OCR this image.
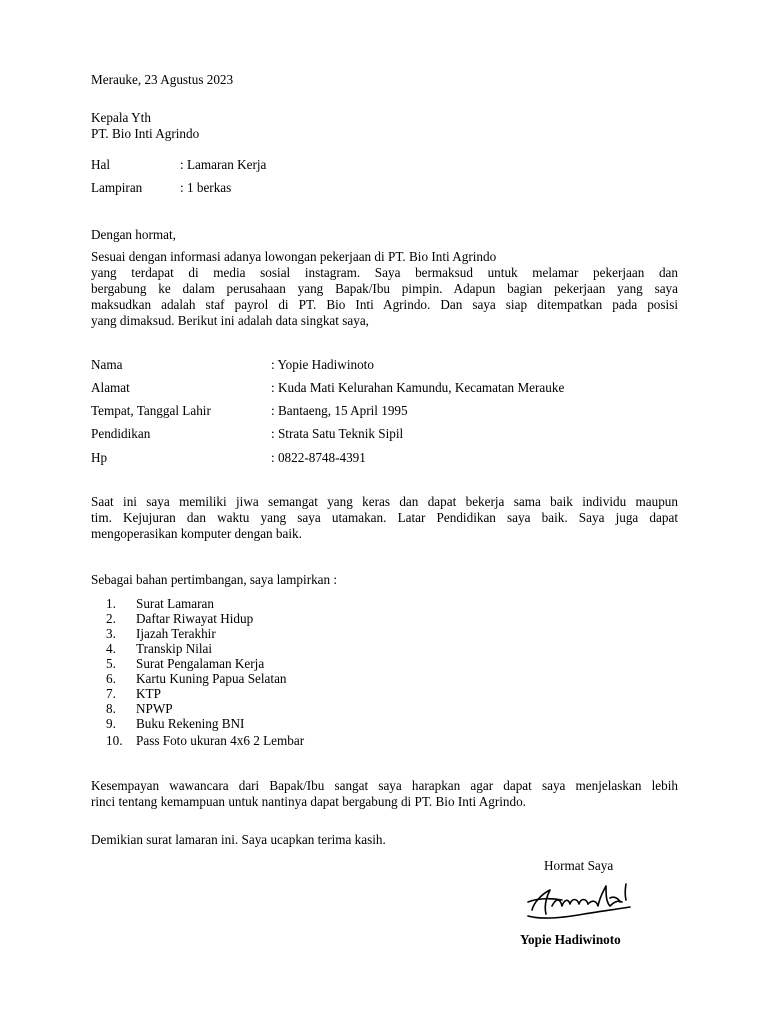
Merauke, 23 Agustus 2023
Kepala Yth
PT. Bio Inti Agrindo
Hal	: Lamaran Kerja
Lampiran	: 1 berkas
Dengan hormat,
Sesuai dengan informasi adanya lowongan pekerjaan di PT. Bio Inti Agrindo
yang terdapat di media sosial instagram. Saya bermaksud untuk melamar pekerjaan dan
bergabung ke dalam perusahaan yang Bapak/Ibu pimpin. Adapun bagian pekerjaan yang saya
maksudkan adalah staf payrol di PT. Bio Inti Agrindo. Dan saya siap ditempatkan pada posisi
yang dimaksud. Berikut ini adalah data singkat saya,
Nama	: Yopie Hadiwinoto
Alamat	: Kuda Mati Kelurahan Kamundu, Kecamatan Merauke
Tempat, Tanggal Lahir	: Bantaeng, 15 April 1995
Pendidikan	: Strata Satu Teknik Sipil
Hp	: 0822-8748-4391
Saat ini saya memiliki jiwa semangat yang keras dan dapat bekerja sama baik individu maupun
tim. Kejujuran dan waktu yang saya utamakan. Latar Pendidikan saya baik. Saya juga dapat
mengoperasikan komputer dengan baik.
Sebagai bahan pertimbangan, saya lampirkan :
1. Surat Lamaran
2. Daftar Riwayat Hidup
3. Ijazah Terakhir
4. Transkip Nilai
5. Surat Pengalaman Kerja
6. Kartu Kuning Papua Selatan
7. KTP
8. NPWP
9. Buku Rekening BNI
10. Pass Foto ukuran 4x6 2 Lembar
Kesempayan wawancara dari Bapak/Ibu sangat saya harapkan agar dapat saya menjelaskan lebih
rinci tentang kemampuan untuk nantinya dapat bergabung di PT. Bio Inti Agrindo.
Demikian surat lamaran ini. Saya ucapkan terima kasih.
Hormat Saya
Yopie Hadiwinoto
